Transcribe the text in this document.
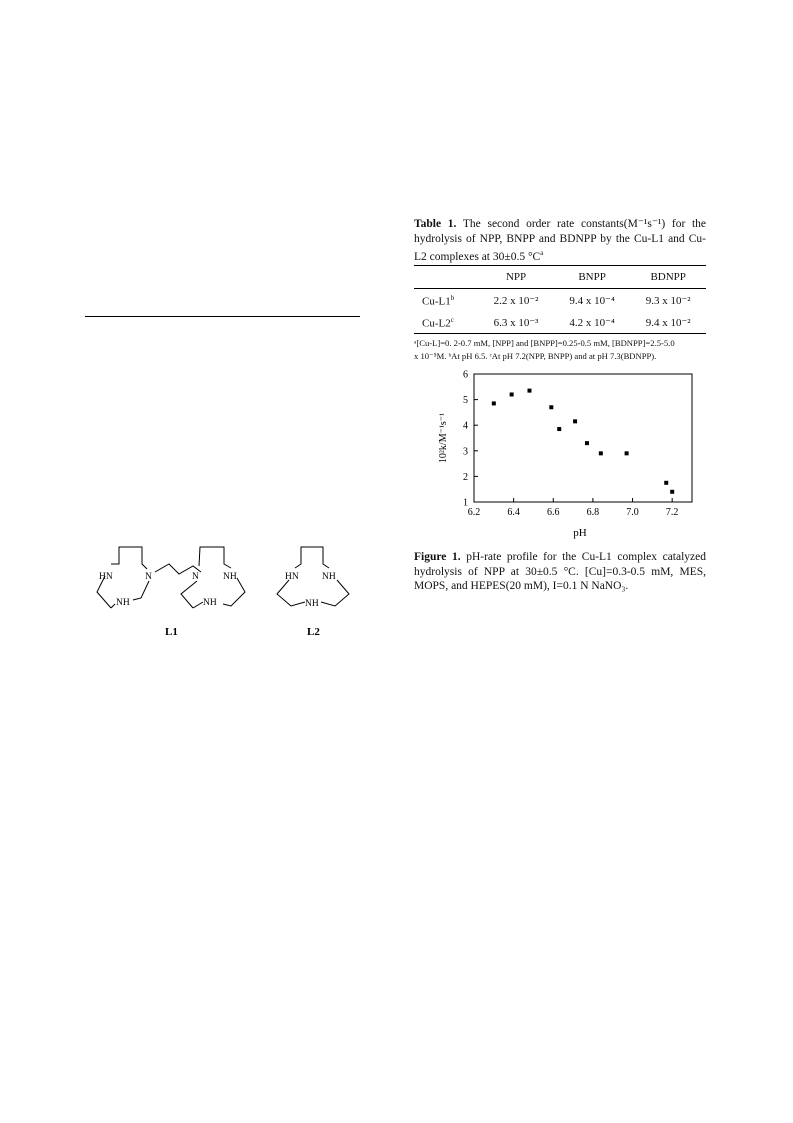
Table 1. The second order rate constants(M⁻¹s⁻¹) for the hydrolysis of NPP, BNPP and BDNPP by the Cu-L1 and Cu-L2 complexes at 30±0.5 $^\circ C^a$
	NPP	BNPP	BDNPP
Cu-L1$^b$	2.2 x 10⁻²	9.4 x 10⁻⁴	9.3 x 10⁻²
Cu-L2$^c$	6.3 x 10⁻³	4.2 x 10⁻⁴	9.4 x 10⁻²
ᵃ[Cu-L]=0. 2-0.7 mM, [NPP] and [BNPP]=0.25-0.5 mM, [BDNPP]=2.5-5.0
x 10⁻⁵M. ᵇAt pH 6.5. ᶜAt pH 7.2(NPP, BNPP) and at pH 7.3(BDNPP).
6.2	6.4	6.6	6.8	7.0	7.2
1
2
3
4
5
6
pH
10²k/M⁻¹s⁻¹
Figure 1. pH-rate profile for the Cu-L1 complex catalyzed hydrolysis of NPP at 30±0.5 °C. [Cu]=0.3-0.5 mM, MES, MOPS, and HEPES(20 mM), I=0.1 N NaNO₃.
HN	N
NH
N	NH
NH
HN NH
NH
L1	L2
